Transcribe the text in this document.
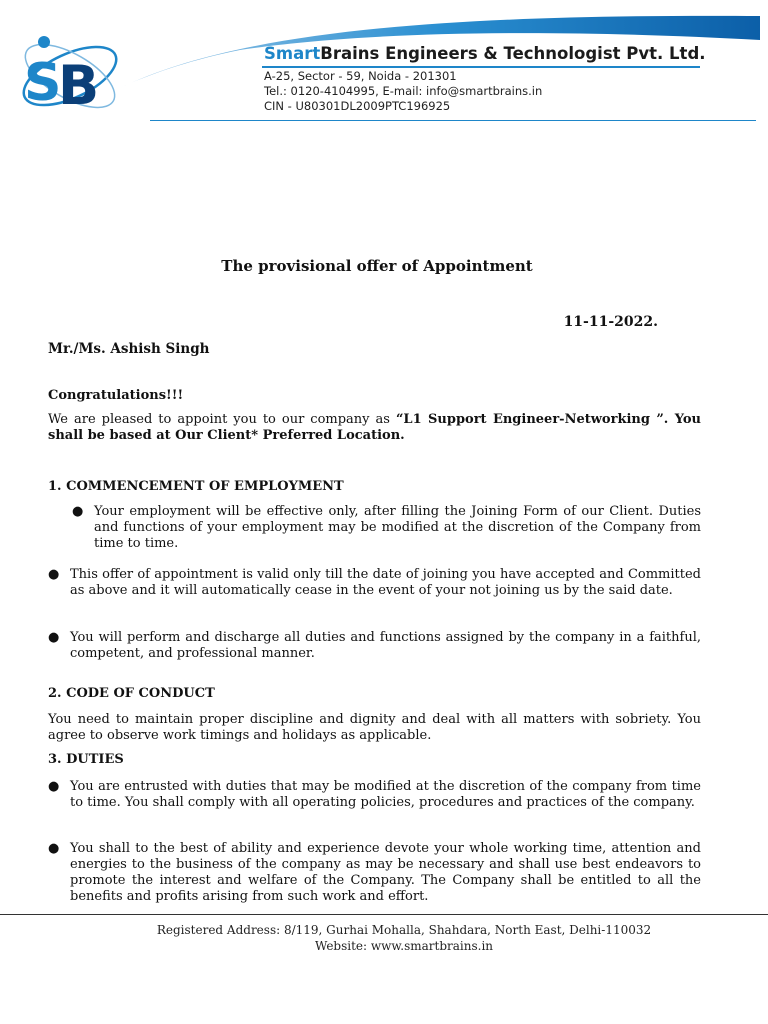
S
B
SmartBrains Engineers & Technologist Pvt. Ltd.
A-25, Sector - 59, Noida - 201301
Tel.: 0120-4104995, E-mail: info@smartbrains.in
CIN - U80301DL2009PTC196925
The provisional offer of Appointment
11-11-2022.
Mr./Ms. Ashish Singh
Congratulations!!!
We are pleased to appoint you to our company as “L1 Support Engineer-Networking ”. You shall be based at Our Client* Preferred Location.
1. COMMENCEMENT OF EMPLOYMENT
● Your employment will be effective only, after filling the Joining Form of our Client. Duties and functions of your employment may be modified at the discretion of the Company from time to time.
● This offer of appointment is valid only till the date of joining you have accepted and Committed as above and it will automatically cease in the event of your not joining us by the said date.
● You will perform and discharge all duties and functions assigned by the company in a faithful, competent, and professional manner.
2. CODE OF CONDUCT
You need to maintain proper discipline and dignity and deal with all matters with sobriety. You agree to observe work timings and holidays as applicable.
3. DUTIES
● You are entrusted with duties that may be modified at the discretion of the company from time to time. You shall comply with all operating policies, procedures and practices of the company.
● You shall to the best of ability and experience devote your whole working time, attention and energies to the business of the company as may be necessary and shall use best endeavors to promote the interest and welfare of the Company. The Company shall be entitled to all the benefits and profits arising from such work and effort.
Registered Address: 8/119, Gurhai Mohalla, Shahdara, North East, Delhi-110032
Website: www.smartbrains.in
